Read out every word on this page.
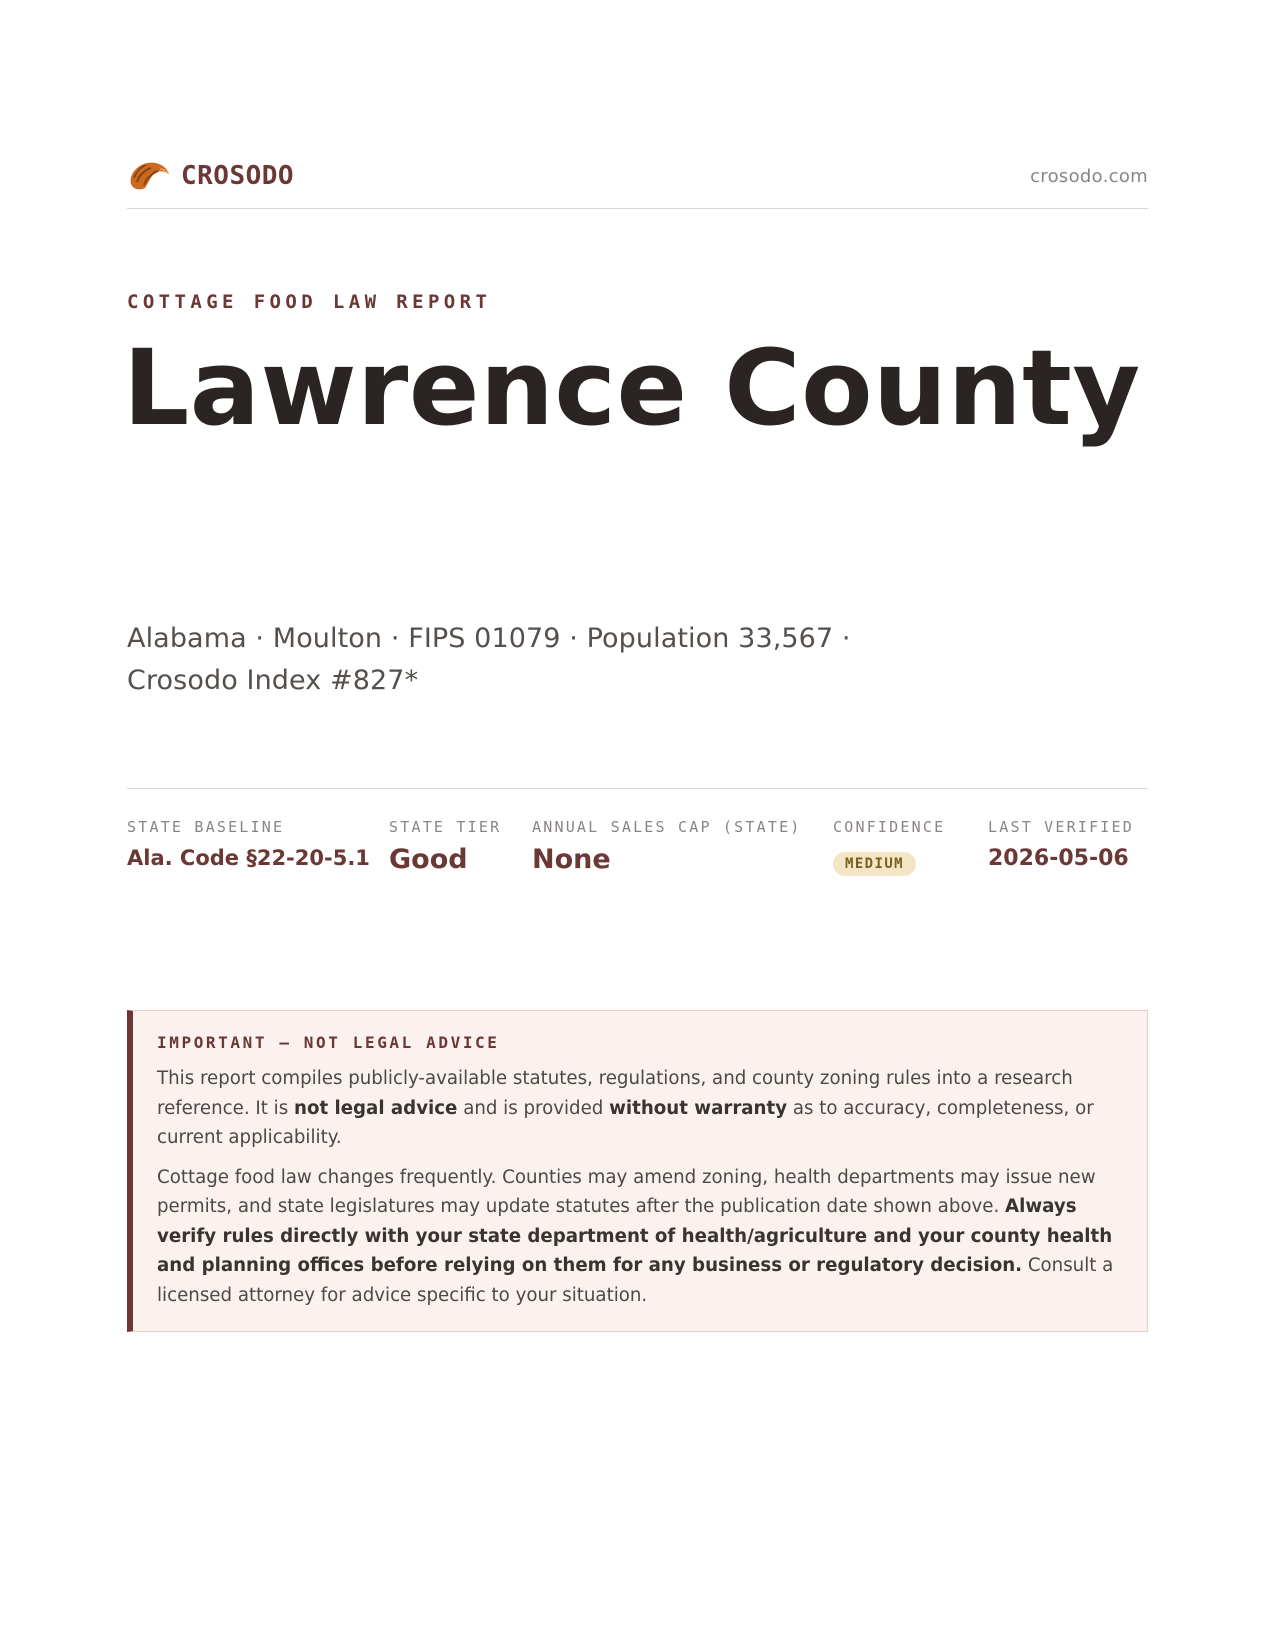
CROSODO	crosodo.com
COTTAGE FOOD LAW REPORT
Lawrence County
Alabama · Moulton · FIPS 01079 · Population 33,567 ·
Crosodo Index #827*
STATE BASELINE
Ala. Code §22-20-5.1
STATE TIER
Good
ANNUAL SALES CAP (STATE)
None
CONFIDENCE
MEDIUM
LAST VERIFIED
2026-05-06
IMPORTANT — NOT LEGAL ADVICE

This report compiles publicly-available statutes, regulations, and county zoning rules into a research reference. It is not legal advice and is provided without warranty as to accuracy, completeness, or current applicability.

Cottage food law changes frequently. Counties may amend zoning, health departments may issue new permits, and state legislatures may update statutes after the publication date shown above. Always verify rules directly with your state department of health/agriculture and your county health and planning offices before relying on them for any business or regulatory decision. Consult a licensed attorney for advice specific to your situation.
